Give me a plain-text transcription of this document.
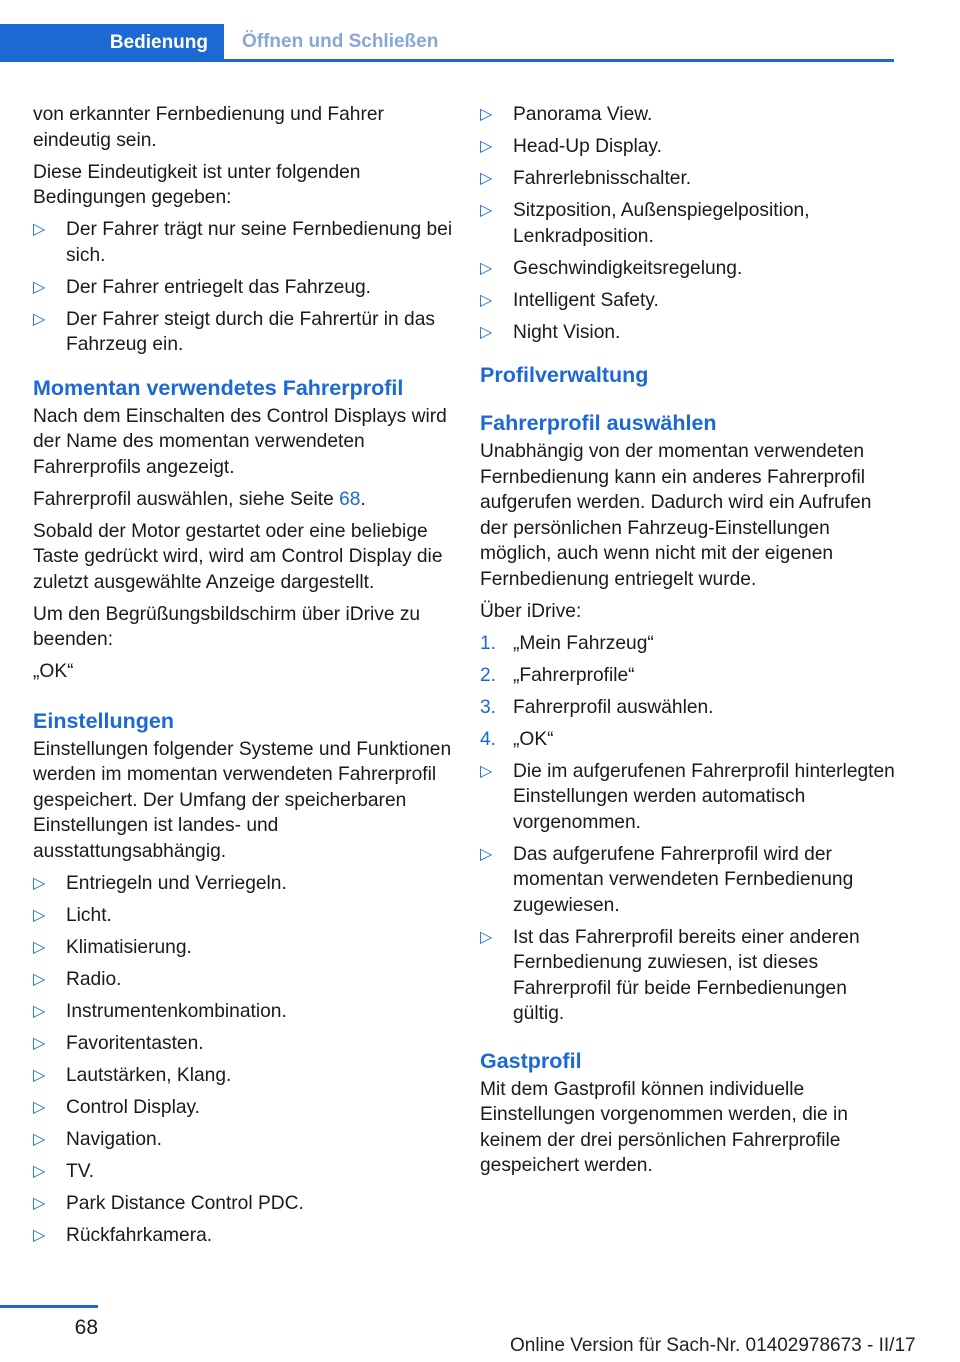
Bedienung Öffnen und Schließen

von erkannter Fernbedienung und Fahrer eindeutig sein.

Diese Eindeutigkeit ist unter folgenden Bedingungen gegeben:

▷ Der Fahrer trägt nur seine Fernbedienung bei sich.
▷ Der Fahrer entriegelt das Fahrzeug.
▷ Der Fahrer steigt durch die Fahrertür in das Fahrzeug ein.
Momentan verwendetes Fahrerprofil

Nach dem Einschalten des Control Displays wird der Name des momentan verwendeten Fahrerprofils angezeigt.

Fahrerprofil auswählen, siehe Seite 68.

Sobald der Motor gestartet oder eine beliebige Taste gedrückt wird, wird am Control Display die zuletzt ausgewählte Anzeige dargestellt.

Um den Begrüßungsbildschirm über iDrive zu beenden:

„OK“

Einstellungen

Einstellungen folgender Systeme und Funktionen werden im momentan verwendeten Fahrerprofil gespeichert. Der Umfang der speicherbaren Einstellungen ist landes- und ausstattungsabhängig.

▷ Entriegeln und Verriegeln.
▷ Licht.
▷ Klimatisierung.
▷ Radio.
▷ Instrumentenkombination.
▷ Favoritentasten.
▷ Lautstärken, Klang.
▷ Control Display.
▷ Navigation.
▷ TV.
▷ Park Distance Control PDC.
▷ Rückfahrkamera.
▷ Panorama View.
▷ Head-Up Display.
▷ Fahrerlebnisschalter.
▷ Sitzposition, Außenspiegelposition, Lenkradposition.
▷ Geschwindigkeitsregelung.
▷ Intelligent Safety.
▷ Night Vision.
Profilverwaltung
Fahrerprofil auswählen

Unabhängig von der momentan verwendeten Fernbedienung kann ein anderes Fahrerprofil aufgerufen werden. Dadurch wird ein Aufrufen der persönlichen Fahrzeug-Einstellungen möglich, auch wenn nicht mit der eigenen Fernbedienung entriegelt wurde.

Über iDrive:

1. „Mein Fahrzeug“
2. „Fahrerprofile“
3. Fahrerprofil auswählen.
4. „OK“
▷ Die im aufgerufenen Fahrerprofil hinterlegten Einstellungen werden automatisch vorgenommen.
▷ Das aufgerufene Fahrerprofil wird der momentan verwendeten Fernbedienung zugewiesen.
▷ Ist das Fahrerprofil bereits einer anderen Fernbedienung zuwiesen, ist dieses Fahrerprofil für beide Fernbedienungen gültig.
Gastprofil

Mit dem Gastprofil können individuelle Einstellungen vorgenommen werden, die in keinem der drei persönlichen Fahrerprofile gespeichert werden.

68
Online Version für Sach-Nr. 01402978673 - II/17
